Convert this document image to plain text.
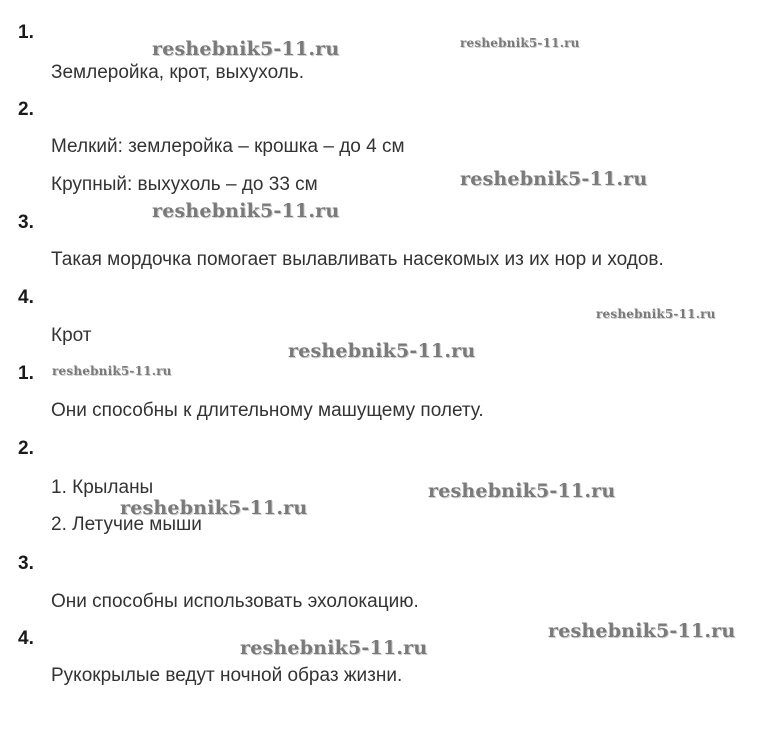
1.
Землеройка, крот, выхухоль.
2.
Мелкий: землеройка – крошка – до 4 см
Крупный: выхухоль – до 33 см
3.
Такая мордочка помогает вылавливать насекомых из их нор и ходов.
4.
Крот
1.
Они способны к длительному машущему полету.
2.
1. Крыланы
2. Летучие мыши
3.
Они способны использовать эхолокацию.
4.
Рукокрылые ведут ночной образ жизни.
reshebnik5-11.ru	reshebnik5-11.ru
reshebnik5-11.ru
reshebnik5-11.ru
reshebnik5-11.ru
reshebnik5-11.ru
reshebnik5-11.ru
reshebnik5-11.ru
reshebnik5-11.ru
reshebnik5-11.ru
reshebnik5-11.ru
